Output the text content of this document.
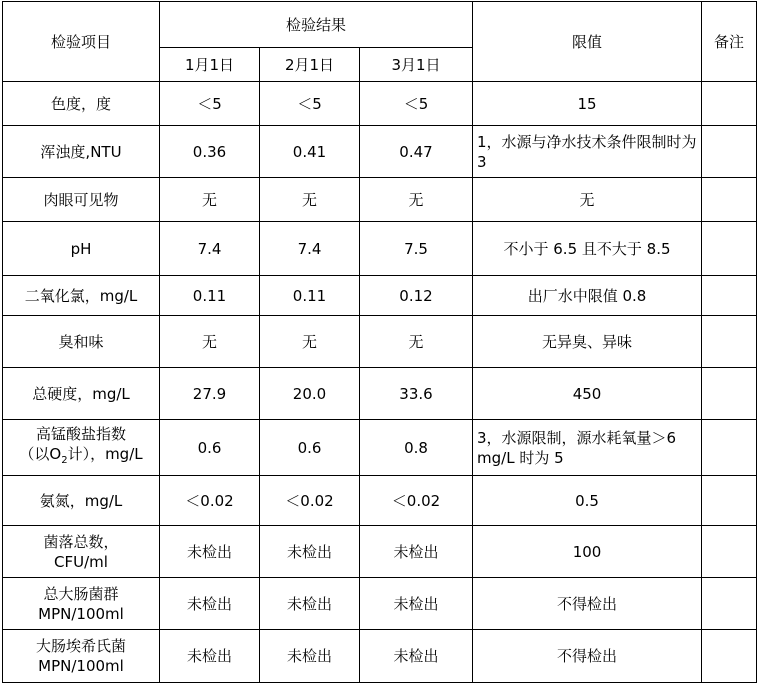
检验项目	检验结果			限值	备注
	1月1日	2月1日	3月1日		
色度，度	＜5	＜5	＜5	15	
浑浊度,NTU	0.36	0.41	0.47	1，水源与净水技术条件限制时为 3	
肉眼可见物	无	无	无	无	
pH	7.4	7.4	7.5	不小于 6.5 且不大于 8.5	
二氧化氯，mg/L	0.11	0.11	0.12	出厂水中限值 0.8	
臭和味	无	无	无	无异臭、异味	
总硬度，mg/L	27.9	20.0	33.6	450	
高锰酸盐指数
（以$O_2$计），mg/L	0.6	0.6	0.8	3，水源限制，源水耗氧量＞6 mg/L 时为 5	
氨氮，mg/L	＜0.02	＜0.02	＜0.02	0.5	
菌落总数，
CFU/ml	未检出	未检出	未检出	100	
总大肠菌群
MPN/100ml	未检出	未检出	未检出	不得检出	
大肠埃希氏菌
MPN/100ml	未检出	未检出	未检出	不得检出	
